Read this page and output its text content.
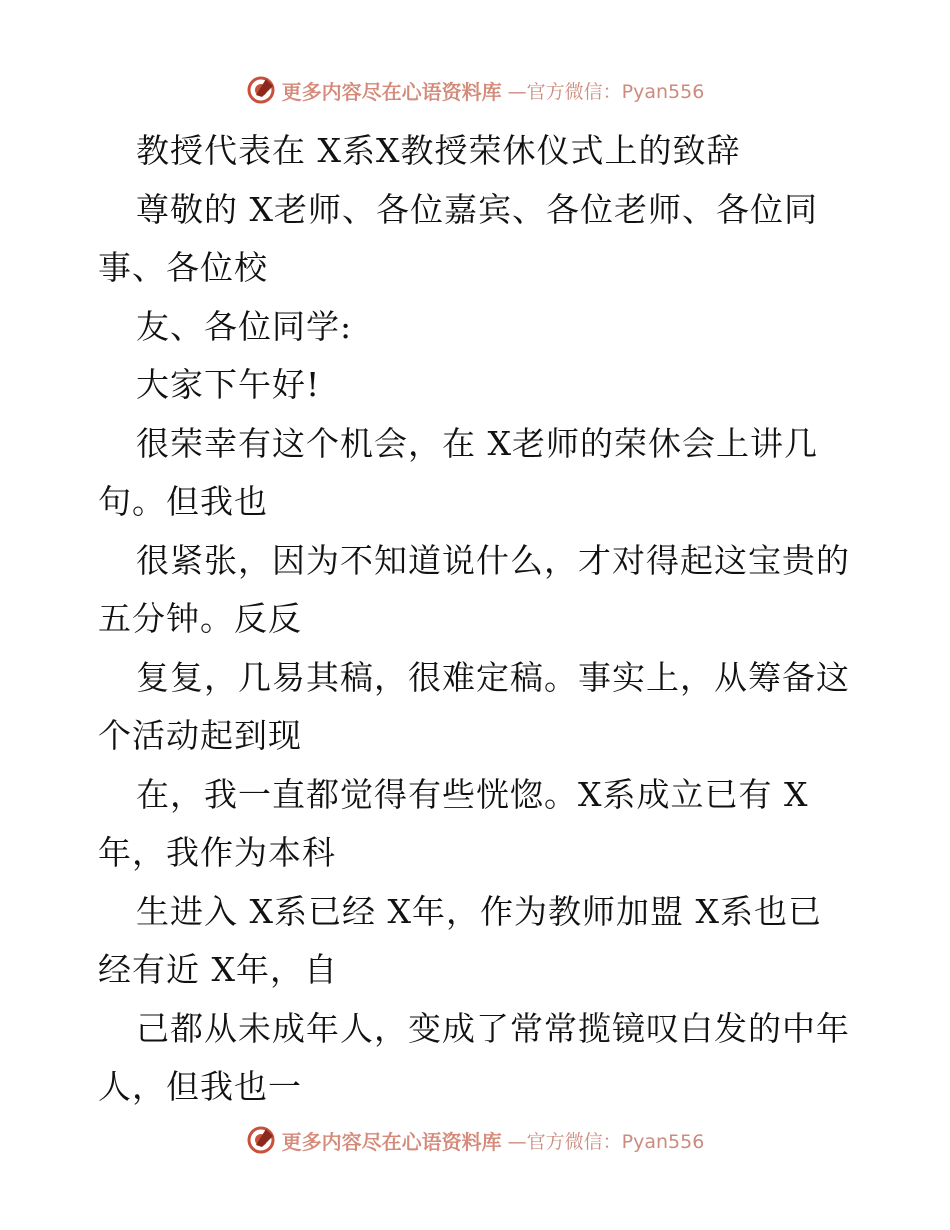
更多内容尽在心语资料库 —官方微信：Pyan556
教授代表在 X系X教授荣休仪式上的致辞
尊敬的 X老师、各位嘉宾、各位老师、各位同
事、各位校
友、各位同学:
大家下午好!
很荣幸有这个机会，在 X老师的荣休会上讲几
句。但我也
很紧张，因为不知道说什么，才对得起这宝贵的
五分钟。反反
复复，几易其稿，很难定稿。事实上，从筹备这
个活动起到现
在，我一直都觉得有些恍惚。X系成立已有 X
年，我作为本科
生进入 X系已经 X年，作为教师加盟 X系也已
经有近 X年，自
己都从未成年人，变成了常常揽镜叹白发的中年
人，但我也一
更多内容尽在心语资料库 —官方微信：Pyan556
